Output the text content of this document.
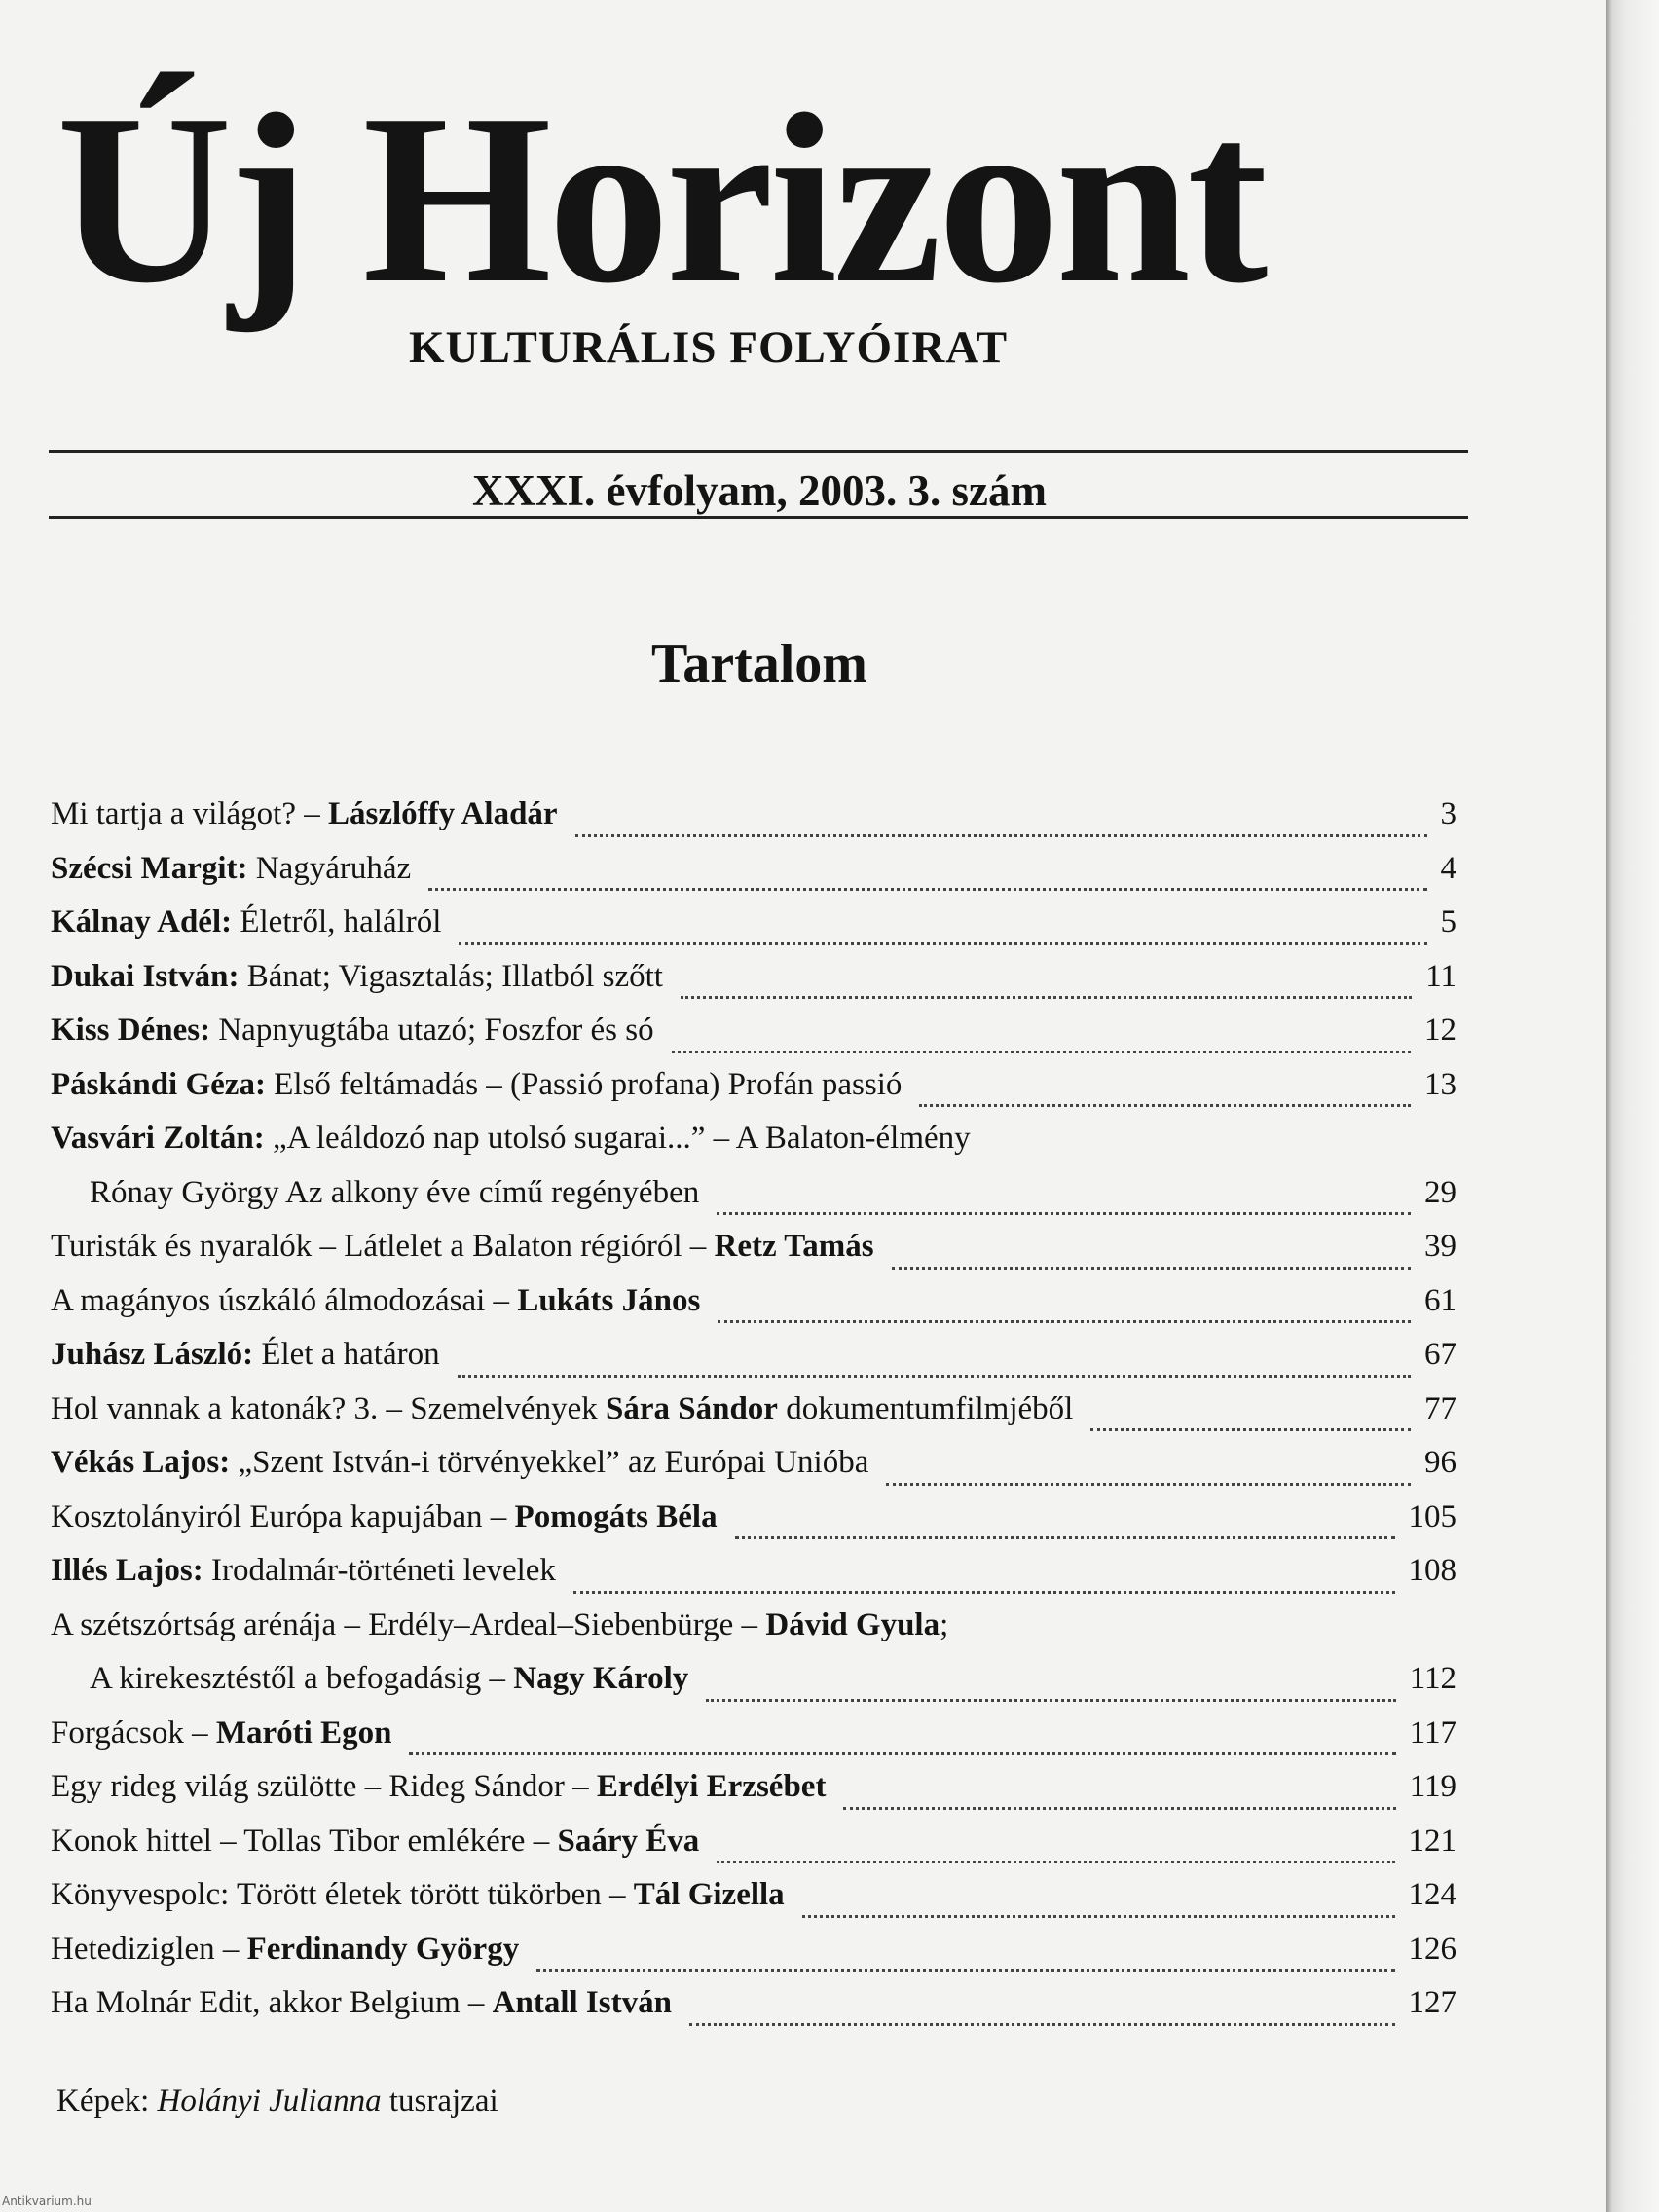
Új Horizont
KULTURÁLIS FOLYÓIRAT
XXXI. évfolyam, 2003. 3. szám
Tartalom
Mi tartja a világot? – Lászlóffy Aladár	3
Szécsi Margit: Nagyáruház	4
Kálnay Adél: Életről, halálról	5
Dukai István: Bánat; Vigasztalás; Illatból szőtt	11
Kiss Dénes: Napnyugtába utazó; Foszfor és só	12
Páskándi Géza: Első feltámadás – (Passió profana) Profán passió	13
Vasvári Zoltán: „A leáldozó nap utolsó sugarai...” – A Balaton-élmény
Rónay György Az alkony éve című regényében	29
Turisták és nyaralók – Látlelet a Balaton régióról – Retz Tamás	39
A magányos úszkáló álmodozásai – Lukáts János	61
Juhász László: Élet a határon	67
Hol vannak a katonák? 3. – Szemelvények Sára Sándor dokumentumfilmjéből	77
Vékás Lajos: „Szent István-i törvényekkel” az Európai Unióba	96
Kosztolányiról Európa kapujában – Pomogáts Béla	105
Illés Lajos: Irodalmár-történeti levelek	108
A szétszórtság arénája – Erdély–Ardeal–Siebenbürge – Dávid Gyula;
A kirekesztéstől a befogadásig – Nagy Károly	112
Forgácsok – Maróti Egon	117
Egy rideg világ szülötte – Rideg Sándor – Erdélyi Erzsébet	119
Konok hittel – Tollas Tibor emlékére – Saáry Éva	121
Könyvespolc: Törött életek törött tükörben – Tál Gizella	124
Hetediziglen – Ferdinandy György	126
Ha Molnár Edit, akkor Belgium – Antall István	127
Képek: Holányi Julianna tusrajzai
Antikvarium.hu
